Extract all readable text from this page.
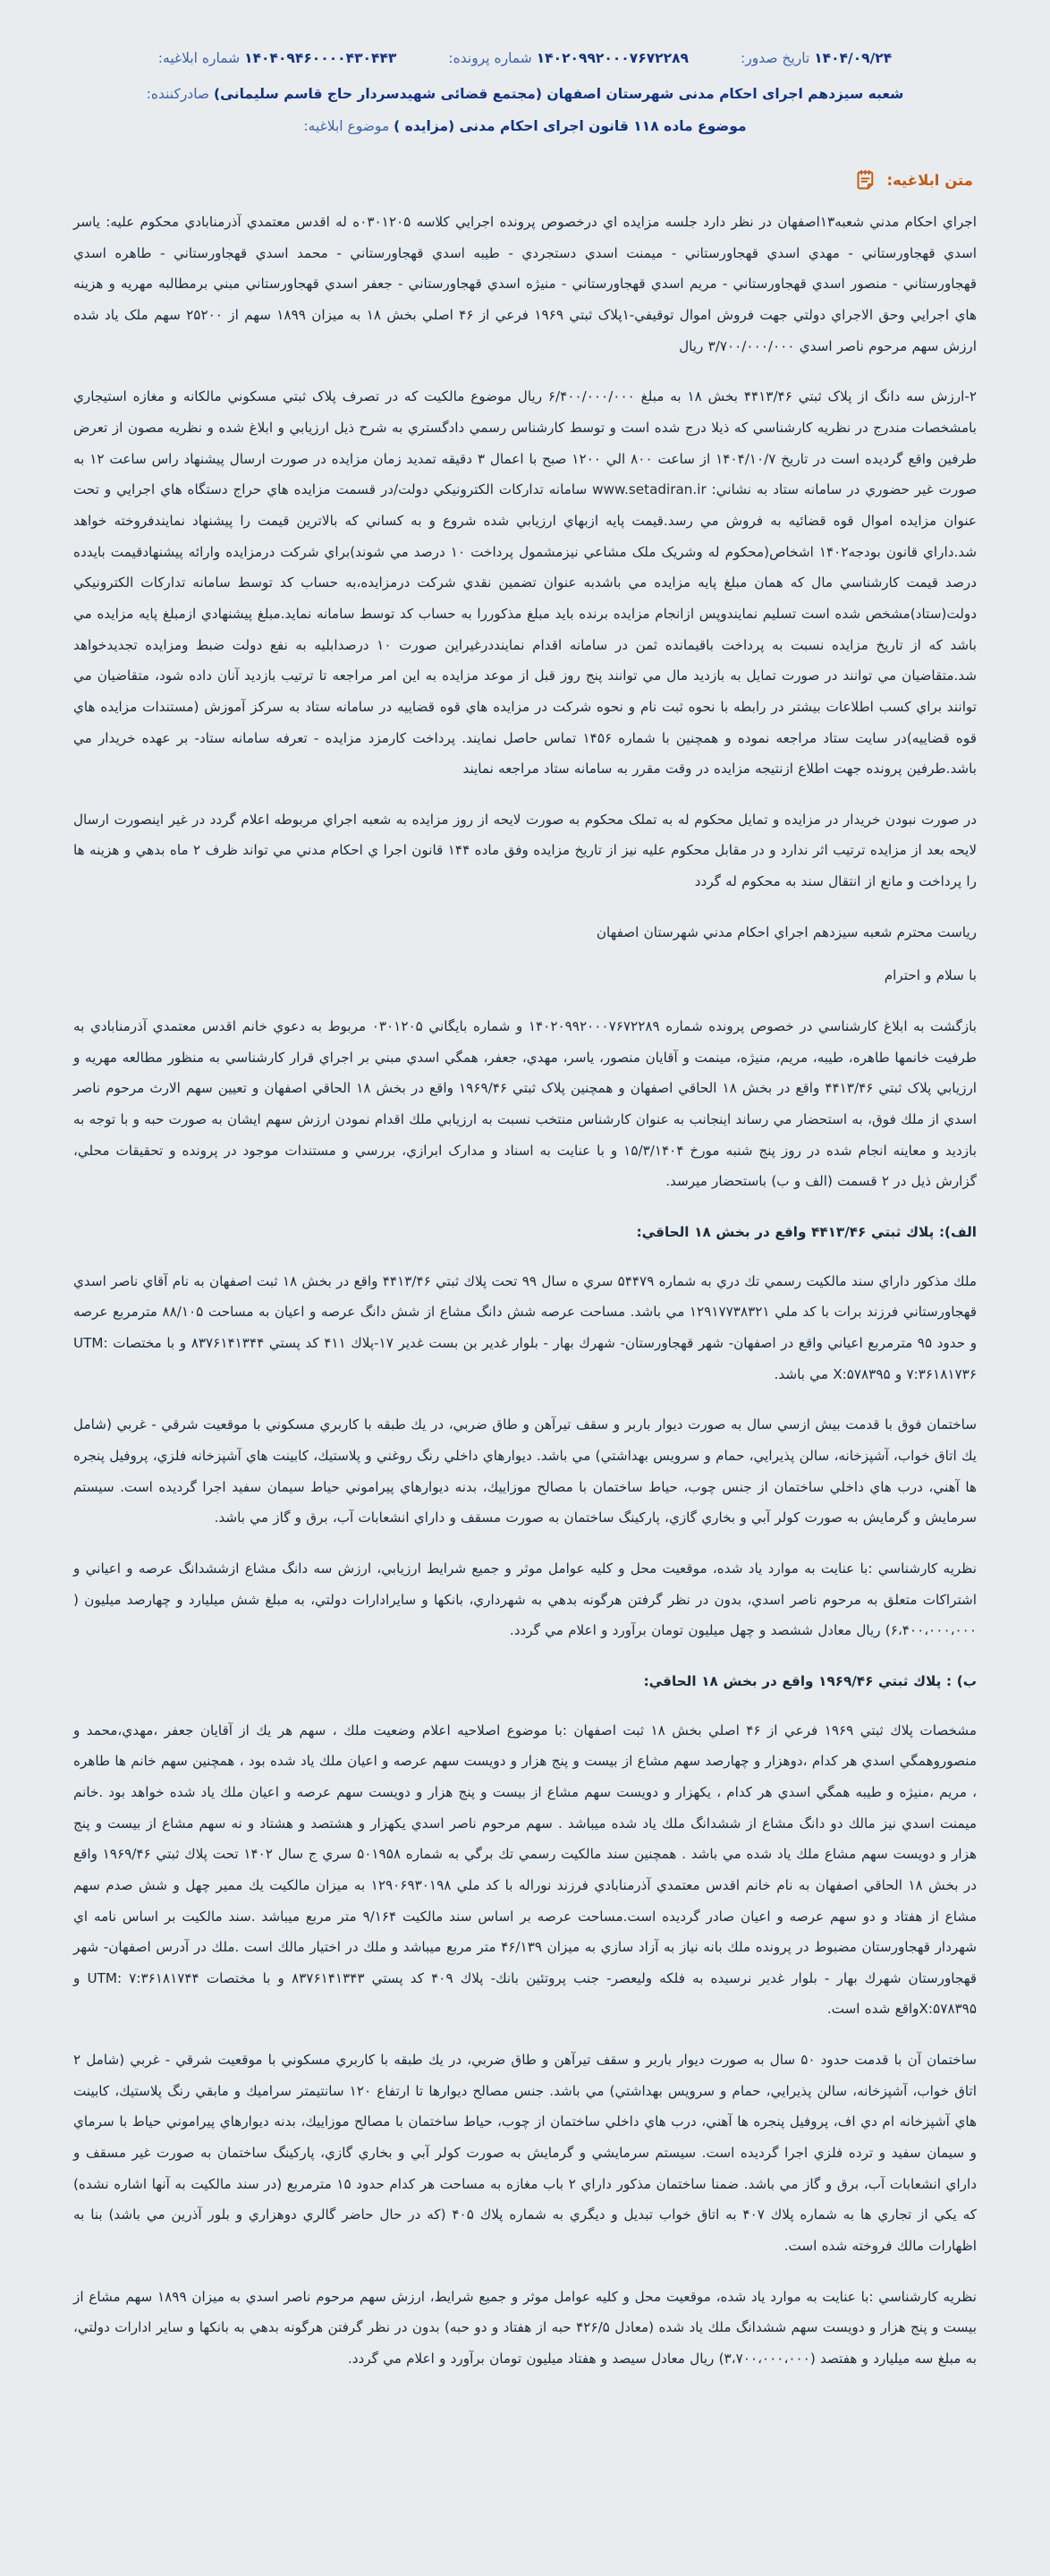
۱۴۰۴/۰۹/۲۴ تاریخ صدور:
۱۴۰۲۰۹۹۲۰۰۰۷۶۷۲۲۸۹ شماره پرونده:
۱۴۰۴۰۹۴۶۰۰۰۰۴۳۰۴۴۳ شماره ابلاغیه:
شعبه سیزدهم اجرای احکام مدنی شهرستان اصفهان (مجتمع قضائی شهیدسردار حاج قاسم سلیمانی) صادرکننده:
موضوع ماده ۱۱۸ قانون اجرای احکام مدنی (مزایده ) موضوع ابلاغیه:
متن ابلاغیه:

اجراي احكام مدني شعبه۱۳اصفهان در نظر دارد جلسه مزايده اي درخصوص پرونده اجرايي كلاسه ۰۳۰۱۲۰۵ه له اقدس معتمدي آذرمنابادي محكوم عليه: ياسر اسدي قهجاورستاني - مهدي اسدي قهجاورستاني - ميمنت اسدي دستجردي - طيبه اسدي قهجاورستاني - محمد اسدي قهجاورستاني - طاهره اسدي قهجاورستاني - منصور اسدي قهجاورستاني - مريم اسدي قهجاورستاني - منيژه اسدي قهجاورستاني - جعفر اسدي قهجاورستاني مبني برمطالبه مهريه و هزينه هاي اجرايي وحق الاجراي دولتي جهت فروش اموال توقيفي-۱پلاک ثبتي ۱۹۶۹ فرعي از ۴۶ اصلي بخش ۱۸ به ميزان ۱۸۹۹ سهم از ۲۵۲۰۰ سهم ملک ياد شده ارزش سهم مرحوم ناصر اسدي ۳/۷۰۰/۰۰۰/۰۰۰ ريال

۲-ارزش سه دانگ از پلاک ثبتي ۴۴۱۳/۴۶ بخش ۱۸ به مبلغ ۶/۴۰۰/۰۰۰/۰۰۰ ريال موضوع مالکيت که در تصرف پلاک ثبتي مسکوني مالکانه و مغازه استيجاري بامشخصات مندرج در نظريه كارشناسي كه ذيلا درج شده است و توسط كارشناس رسمي دادگستري به شرح ذيل ارزيابي و ابلاغ شده و نظريه مصون از تعرض طرفين واقع گرديده است در تاريخ ۱۴۰۴/۱۰/۷ از ساعت ۸۰۰ الي ۱۲۰۰ صبح با اعمال ۳ دقيقه تمديد زمان مزايده در صورت ارسال پيشنهاد راس ساعت ۱۲ به صورت غير حضوري در سامانه ستاد به نشاني: www.setadiran.ir سامانه تدارکات الكترونيکي دولت/در قسمت مزايده هاي حراج دستگاه هاي اجرايي و تحت عنوان مزايده اموال قوه قضائيه به فروش مي رسد.قيمت پايه ازبهاي ارزيابي شده شروع و به كساني كه بالاترين قيمت را پيشنهاد نمايندفروخته خواهد شد.داراي قانون بودجه۱۴۰۲ اشخاص(محکوم له وشريک ملک مشاعي نيزمشمول پرداخت ۱۰ درصد مي شوند)براي شركت درمزايده وارائه پيشنهادقيمت بايدده درصد قيمت كارشناسي مال كه همان مبلغ پايه مزايده مي باشدبه عنوان تضمين نقدي شركت درمزايده،به حساب كد توسط سامانه تداركات الكترونيكي دولت(ستاد)مشخص شده است تسليم نمايندوپس ازانجام مزايده برنده بايد مبلغ مذكوررا به حساب كد توسط سامانه نمايد.مبلغ پيشنهادي ازمبلغ پايه مزايده مي باشد كه از تاريخ مزايده نسبت به پرداخت باقيمانده ثمن در سامانه اقدام نماينددرغيراين صورت ۱۰ درصدابليه به نفع دولت ضبط ومزايده تجديدخواهد شد.متقاضيان مي توانند در صورت تمايل به بازديد مال مي توانند پنج روز قبل از موعد مزايده به اين امر مراجعه تا ترتيب بازديد آنان داده شود، متقاضيان مي توانند براي كسب اطلاعات بيشتر در رابطه با نحوه ثبت نام و نحوه شركت در مزايده هاي قوه قضاييه در سامانه ستاد به سركز آموزش (مستندات مزايده هاي قوه قضاييه)در سايت ستاد مراجعه نموده و همچنين با شماره ۱۴۵۶ تماس حاصل نمايند. پرداخت كارمزد مزايده - تعرفه سامانه ستاد- بر عهده خريدار مي باشد.طرفين پرونده جهت اطلاع ازنتيجه مزايده در وقت مقرر به سامانه ستاد مراجعه نمايند

در صورت نبودن خريدار در مزايده و تمايل محكوم له به تملک محكوم به صورت لايحه از روز مزايده به شعبه اجراي مربوطه اعلام گردد در غير اينصورت ارسال لايحه بعد از مزايده ترتيب اثر ندارد و در مقابل محكوم عليه نيز از تاريخ مزايده وفق ماده ۱۴۴ قانون اجرا ي احكام مدني مي تواند ظرف ۲ ماه بدهي و هزينه ها را پرداخت و مانع از انتقال سند به محكوم له گردد

رياست محترم شعبه سيزدهم اجراي احكام مدني شهرستان اصفهان

با سلام و احترام

بازگشت به ابلاغ كارشناسي در خصوص پرونده شماره ۱۴۰۲۰۹۹۲۰۰۰۷۶۷۲۲۸۹ و شماره بايگاني ۰۳۰۱۲۰۵ مربوط به دعوي خانم اقدس معتمدي آذرمنابادي به طرفيت خانمها طاهره، طيبه، مريم، منيژه، مينمت و آقايان منصور، ياسر، مهدي، جعفر، همگي اسدي مبني بر اجراي قرار كارشناسي به منظور مطالعه مهريه و ارزيابي پلاک ثبتي ۴۴۱۳/۴۶ واقع در بخش ۱۸ الحاقي اصفهان و همچنين پلاک ثبتي ۱۹۶۹/۴۶ واقع در بخش ۱۸ الحاقي اصفهان و تعيين سهم الارث مرحوم ناصر اسدي از ملك فوق، به استحضار مي رساند اينجانب به عنوان كارشناس منتخب نسبت به ارزيابي ملك اقدام نمودن ارزش سهم ايشان به صورت حبه و با توجه به بازديد و معاينه انجام شده در روز پنج شنبه مورخ ۱۵/۳/۱۴۰۴ و با عنايت به اسناد و مدارک ابرازي، بررسي و مستندات موجود در پرونده و تحقيقات محلي، گزارش ذيل در ۲ قسمت (الف و ب) باستحضار ميرسد.

الف): پلاك ثبتي ۴۴۱۳/۴۶ واقع در بخش ۱۸ الحاقي:

ملك مذكور داراي سند مالکيت رسمي تك دري به شماره ۵۴۴۷۹ سري ه سال ۹۹ تحت پلاك ثبتي ۴۴۱۳/۴۶ واقع در بخش ۱۸ ثبت اصفهان به نام آقاي ناصر اسدي قهجاورستاني فرزند برات با كد ملي ۱۲۹۱۷۷۳۸۳۲۱ مي باشد. مساحت عرصه شش دانگ مشاع از شش دانگ عرصه و اعيان به مساحت ۸۸/۱۰۵ مترمربع عرصه و حدود ۹۵ مترمربع اعياني واقع در اصفهان- شهر قهجاورستان- شهرك بهار - بلوار غدير بن بست غدير ۱۷-پلاك ۴۱۱ كد پستي ۸۳۷۶۱۴۱۳۴۴ و با مختصات UTM: ۷:۳۶۱۸۱۷۳۶ و X:۵۷۸۳۹۵ مي باشد.

ساختمان فوق با قدمت بيش ازسي سال به صورت ديوار باربر و سقف تيرآهن و طاق ضربي، در يك طبقه با كاربري مسكوني با موقعيت شرقي - غربي (شامل يك اتاق خواب، آشپزخانه، سالن پذيرايي، حمام و سرويس بهداشتي) مي باشد. ديوارهاي داخلي رنگ روغني و پلاستيك، كابينت هاي آشپزخانه فلزي، پروفيل پنجره ها آهني، درب هاي داخلي ساختمان از جنس چوب، حياط ساختمان با مصالح موزاييك، بدنه ديوارهاي پيراموني حياط سيمان سفيد اجرا گرديده است. سيستم سرمايش و گرمايش به صورت كولر آبي و بخاري گازي، پاركينگ ساختمان به صورت مسقف و داراي انشعابات آب، برق و گاز مي باشد.

نظريه كارشناسي :با عنايت به موارد ياد شده، موقعيت محل و كليه عوامل موثر و جميع شرايط ارزيابي، ارزش سه دانگ مشاع ازششدانگ عرصه و اعياني و اشتراكات متعلق به مرحوم ناصر اسدي، بدون در نظر گرفتن هرگونه بدهي به شهرداري، بانكها و سايرادارات دولتي، به مبلغ شش ميليارد و چهارصد ميليون ( ۶،۴۰۰،۰۰۰،۰۰۰) ريال معادل ششصد و چهل ميليون تومان برآورد و اعلام مي گردد.

ب) : پلاك ثبتي ۱۹۶۹/۴۶ واقع در بخش ۱۸ الحاقي:

مشخصات پلاك ثبتي ۱۹۶۹ فرعي از ۴۶ اصلي بخش ۱۸ ثبت اصفهان :با موضوع اصلاحيه اعلام وضعيت ملك ، سهم هر يك از آقايان جعفر ،مهدي،محمد و منصوروهمگي اسدي هر كدام ،دوهزار و چهارصد سهم مشاع از بيست و پنج هزار و دويست سهم عرصه و اعيان ملك ياد شده بود ، همچنين سهم خانم ها طاهره ، مريم ،منيژه و طيبه همگي اسدي هر كدام ، يكهزار و دويست سهم مشاع از بيست و پنج هزار و دويست سهم عرصه و اعيان ملك ياد شده خواهد بود .خانم ميمنت اسدي نيز مالك دو دانگ مشاع از ششدانگ ملك ياد شده ميباشد . سهم مرحوم ناصر اسدي يكهزار و هشتصد و هشتاد و نه سهم مشاع از بيست و پنج هزار و دويست سهم مشاع ملك ياد شده مي باشد . همچنين سند مالكيت رسمي تك برگي به شماره ۵۰۱۹۵۸ سري ج سال ۱۴۰۲ تحت پلاك ثبتي ۱۹۶۹/۴۶ واقع در بخش ۱۸ الحاقي اصفهان به نام خانم اقدس معتمدي آذرمنابادي فرزند نوراله با كد ملي ۱۲۹۰۶۹۳۰۱۹۸ به ميزان مالكيت يك ممير چهل و شش صدم سهم مشاع از هفتاد و دو سهم عرصه و اعيان صادر گرديده است.مساحت عرصه بر اساس سند مالكيت ۹/۱۶۴ متر مربع ميباشد .سند مالكيت بر اساس نامه اي شهردار قهجاورستان مضبوط در پرونده ملك بانه نياز به آزاد سازي به ميزان ۴۶/۱۳۹ متر مربع ميباشد و ملك در اختيار مالك است .ملك در آدرس اصفهان- شهر قهجاورستان شهرك بهار - بلوار غدير نرسيده به فلكه وليعصر- جنب پروتئين بانك- پلاك ۴۰۹ كد پستي ۸۳۷۶۱۴۱۳۴۳ و با مختصات UTM: ۷:۳۶۱۸۱۷۴۴ و X:۵۷۸۳۹۵واقع شده است.

ساختمان آن با قدمت حدود ۵۰ سال به صورت ديوار باربر و سقف تيرآهن و طاق ضربي، در يك طبقه با كاربري مسكوني با موقعيت شرقي - غربي (شامل ۲ اتاق خواب، آشپزخانه، سالن پذيرايي، حمام و سرويس بهداشتي) مي باشد. جنس مصالح ديوارها تا ارتفاع ۱۲۰ سانتيمتر سراميك و مابقي رنگ پلاستيك، كابينت هاي آشپزخانه ام دي اف، پروفيل پنجره ها آهني، درب هاي داخلي ساختمان از چوب، حياط ساختمان با مصالح موزاييك، بدنه ديوارهاي پيراموني حياط با سرماي و سيمان سفيد و ترده فلزي اجرا گرديده است. سيستم سرمايشي و گرمايش به صورت كولر آبي و بخاري گازي، پاركينگ ساختمان به صورت غير مسقف و داراي انشعابات آب، برق و گاز مي باشد. ضمنا ساختمان مذكور داراي ۲ باب مغازه به مساحت هر كدام حدود ۱۵ مترمربع (در سند مالكيت به آنها اشاره نشده) كه يكي از تجاري ها به شماره پلاك ۴۰۷ به اتاق خواب تبديل و ديگري به شماره پلاك ۴۰۵ (كه در حال حاضر گالري دوهزاري و بلور آذرين مي باشد) بنا به اظهارات مالك فروخته شده است.

نظريه كارشناسي :با عنايت به موارد ياد شده، موقعيت محل و كليه عوامل موثر و جميع شرايط، ارزش سهم مرحوم ناصر اسدي به ميزان ۱۸۹۹ سهم مشاع از بيست و پنج هزار و دويست سهم ششدانگ ملك ياد شده (معادل ۴۲۶/۵ حبه از هفتاد و دو حبه) بدون در نظر گرفتن هرگونه بدهي به بانكها و ساير ادارات دولتي، به مبلغ سه ميليارد و هفتصد (۳،۷۰۰،۰۰۰،۰۰۰) ريال معادل سيصد و هفتاد ميليون تومان برآورد و اعلام مي گردد.
